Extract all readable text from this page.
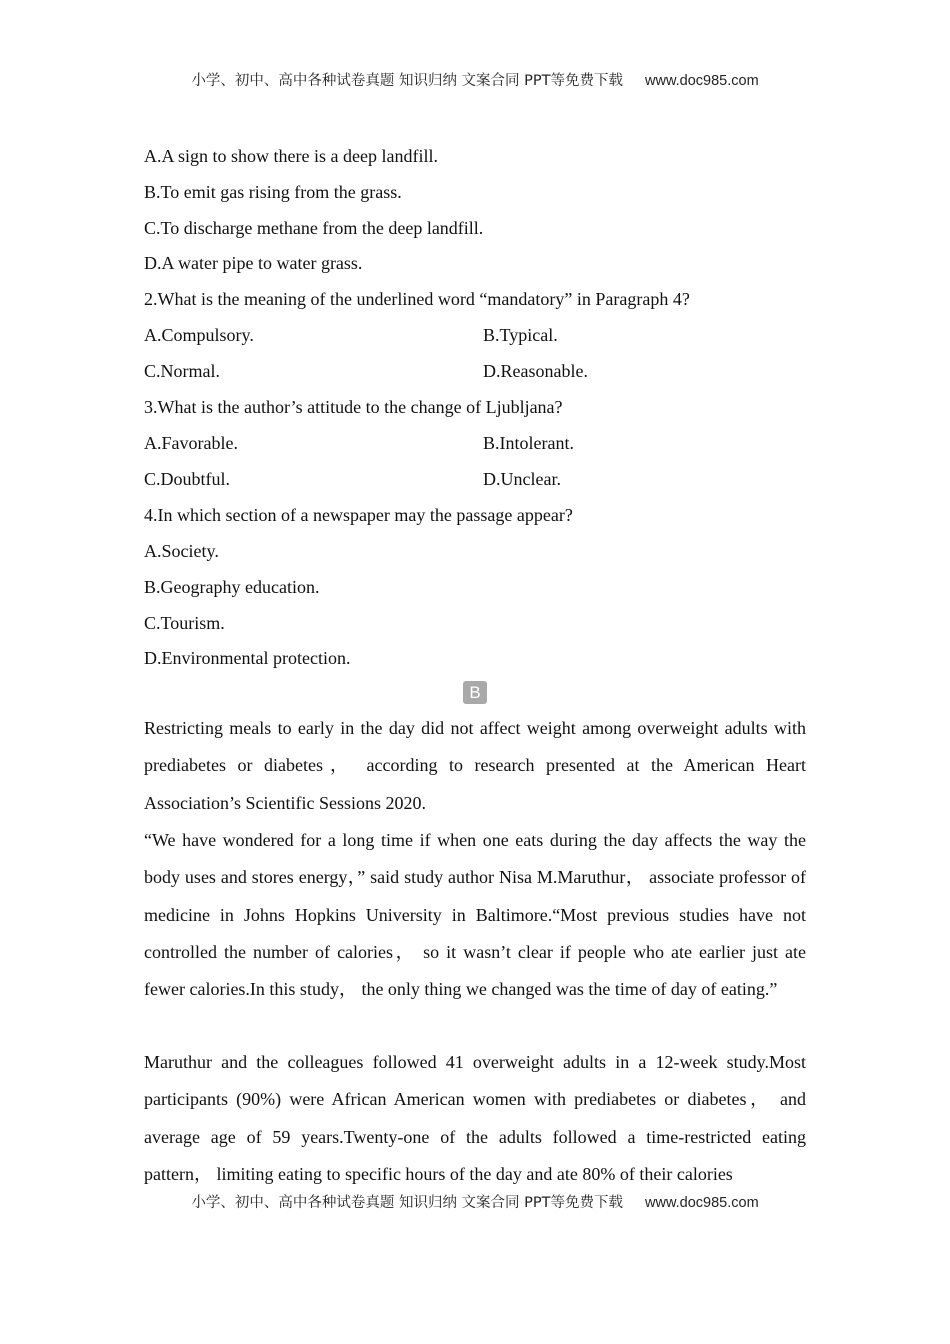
小学、初中、高中各种试卷真题 知识归纳 文案合同 PPT等免费下载 www.doc985.com
A.A sign to show there is a deep landfill.
B.To emit gas rising from the grass.
C.To discharge methane from the deep landfill.
D.A water pipe to water grass.
2.What is the meaning of the underlined word “mandatory” in Paragraph 4?
A.Compulsory.	B.Typical.
C.Normal.	D.Reasonable.
3.What is the author’s attitude to the change of Ljubljana?
A.Favorable.	B.Intolerant.
C.Doubtful.	D.Unclear.
4.In which section of a newspaper may the passage appear?
A.Society.
B.Geography education.
C.Tourism.
D.Environmental protection.
B
Restricting meals to early in the day did not affect weight among overweight adults with prediabetes or diabetes， according to research presented at the American Heart Association’s Scientific Sessions 2020.
“We have wondered for a long time if when one eats during the day affects the way the body uses and stores energy，” said study author Nisa M.Maruthur， associate professor of medicine in Johns Hopkins University in Baltimore.“Most previous studies have not controlled the number of calories， so it wasn’t clear if people who ate earlier just ate fewer calories.In this study， the only thing we changed was the time of day of eating.”
Maruthur and the colleagues followed 41 overweight adults in a 12-week study.Most participants (90%) were African American women with prediabetes or diabetes， and average age of 59 years.Twenty-one of the adults followed a time-restricted eating pattern， limiting eating to specific hours of the day and ate 80% of their calories
小学、初中、高中各种试卷真题 知识归纳 文案合同 PPT等免费下载 www.doc985.com
